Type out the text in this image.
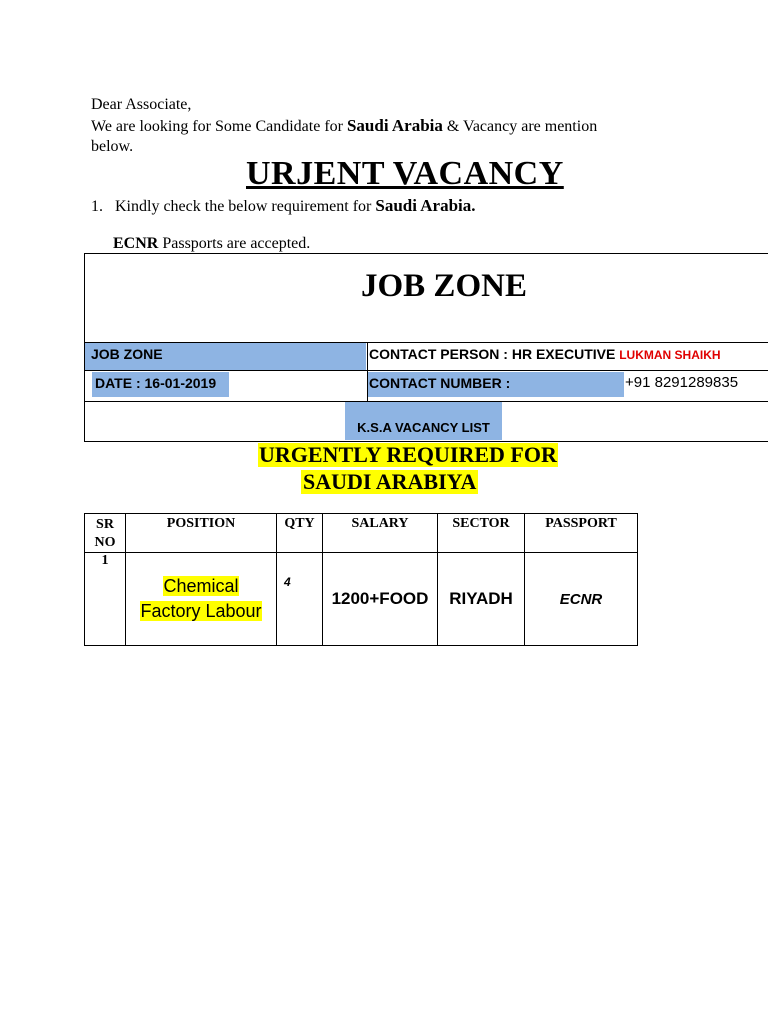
Dear Associate,
We are looking for Some Candidate for Saudi Arabia & Vacancy are mention
below.
URJENT VACANCY
1. Kindly check the below requirement for Saudi Arabia.
ECNR Passports are accepted.
JOB ZONE
JOB ZONE	CONTACT PERSON : HR EXECUTIVE LUKMAN SHAIKH
DATE : 16-01-2019	CONTACT NUMBER :	+91 8291289835
K.S.A VACANCY LIST
URGENTLY REQUIRED FOR
SAUDI ARABIYA
SR NO	POSITION	QTY	SALARY	SECTOR	PASSPORT
1	Chemical
Factory Labour	4	1200+FOOD	RIYADH	ECNR
